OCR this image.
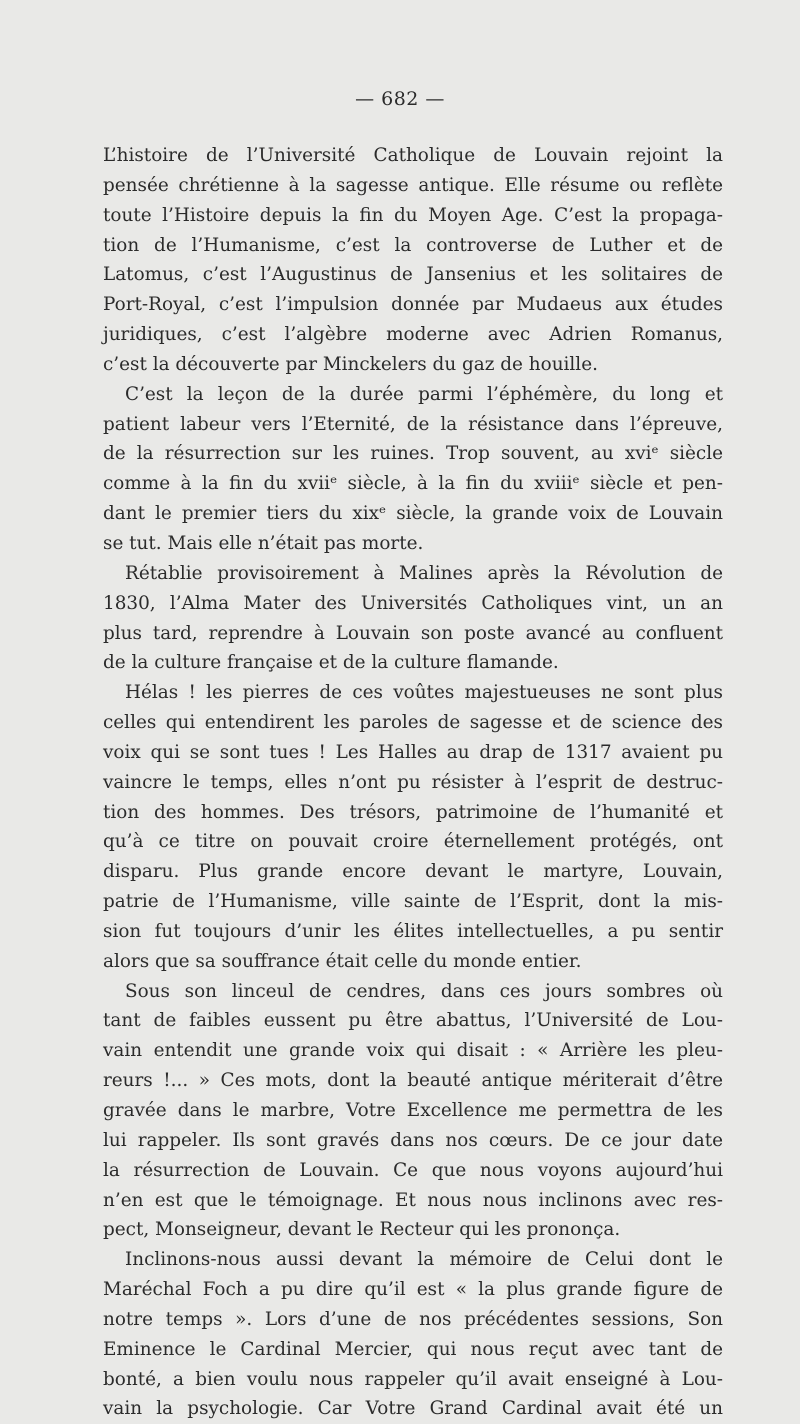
— 682 —
L’histoire de l’Université Catholique de Louvain rejoint la
pensée chrétienne à la sagesse antique. Elle résume ou reflète
toute l’Histoire depuis la fin du Moyen Age. C’est la propaga-
tion de l’Humanisme, c’est la controverse de Luther et de
Latomus, c’est l’Augustinus de Jansenius et les solitaires de
Port-Royal, c’est l’impulsion donnée par Mudaeus aux études
juridiques, c’est l’algèbre moderne avec Adrien Romanus,
c’est la découverte par Minckelers du gaz de houille.
C’est la leçon de la durée parmi l’éphémère, du long et
patient labeur vers l’Eternité, de la résistance dans l’épreuve,
de la résurrection sur les ruines. Trop souvent, au xviᵉ siècle
comme à la fin du xviiᵉ siècle, à la fin du xviiiᵉ siècle et pen-
dant le premier tiers du xixᵉ siècle, la grande voix de Louvain
se tut. Mais elle n’était pas morte.
Rétablie provisoirement à Malines après la Révolution de
1830, l’Alma Mater des Universités Catholiques vint, un an
plus tard, reprendre à Louvain son poste avancé au confluent
de la culture française et de la culture flamande.
Hélas ! les pierres de ces voûtes majestueuses ne sont plus
celles qui entendirent les paroles de sagesse et de science des
voix qui se sont tues ! Les Halles au drap de 1317 avaient pu
vaincre le temps, elles n’ont pu résister à l’esprit de destruc-
tion des hommes. Des trésors, patrimoine de l’humanité et
qu’à ce titre on pouvait croire éternellement protégés, ont
disparu. Plus grande encore devant le martyre, Louvain,
patrie de l’Humanisme, ville sainte de l’Esprit, dont la mis-
sion fut toujours d’unir les élites intellectuelles, a pu sentir
alors que sa souffrance était celle du monde entier.
Sous son linceul de cendres, dans ces jours sombres où
tant de faibles eussent pu être abattus, l’Université de Lou-
vain entendit une grande voix qui disait : « Arrière les pleu-
reurs !... » Ces mots, dont la beauté antique mériterait d’être
gravée dans le marbre, Votre Excellence me permettra de les
lui rappeler. Ils sont gravés dans nos cœurs. De ce jour date
la résurrection de Louvain. Ce que nous voyons aujourd’hui
n’en est que le témoignage. Et nous nous inclinons avec res-
pect, Monseigneur, devant le Recteur qui les prononça.
Inclinons-nous aussi devant la mémoire de Celui dont le
Maréchal Foch a pu dire qu’il est « la plus grande figure de
notre temps ». Lors d’une de nos précédentes sessions, Son
Eminence le Cardinal Mercier, qui nous reçut avec tant de
bonté, a bien voulu nous rappeler qu’il avait enseigné à Lou-
vain la psychologie. Car Votre Grand Cardinal avait été un
